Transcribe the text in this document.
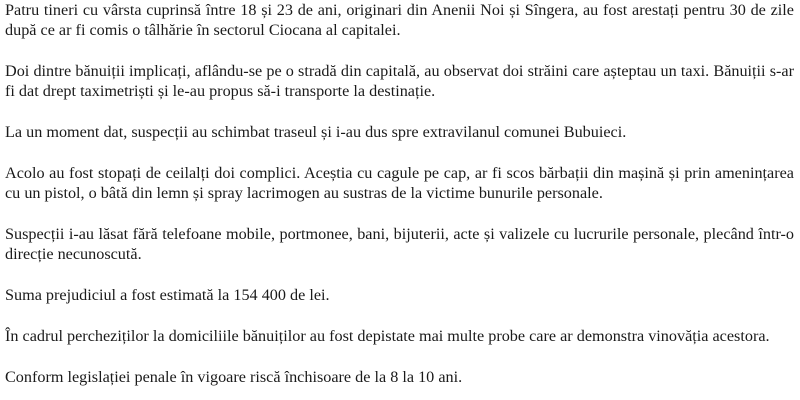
Patru tineri cu vârsta cuprinsă între 18 și 23 de ani, originari din Anenii Noi și Sîngera, au fost arestați pentru 30 de zile după ce ar fi comis o tâlhărie în sectorul Ciocana al capitalei.

Doi dintre bănuiții implicați, aflându-se pe o stradă din capitală, au observat doi străini care așteptau un taxi. Bănuiții s-ar fi dat drept taximetriști și le-au propus să-i transporte la destinație.

La un moment dat, suspecții au schimbat traseul și i-au dus spre extravilanul comunei Bubuieci.

Acolo au fost stopați de ceilalți doi complici. Aceștia cu cagule pe cap, ar fi scos bărbații din mașină și prin amenințarea cu un pistol, o bâtă din lemn și spray lacrimogen au sustras de la victime bunurile personale.

Suspecții i-au lăsat fără telefoane mobile, portmonee, bani, bijuterii, acte și valizele cu lucrurile personale, plecând într-o direcție necunoscută.

Suma prejudiciul a fost estimată la 154 400 de lei.

În cadrul percheziților la domiciliile bănuiților au fost depistate mai multe probe care ar demonstra vinovăția acestora.

Conform legislației penale în vigoare riscă închisoare de la 8 la 10 ani.
